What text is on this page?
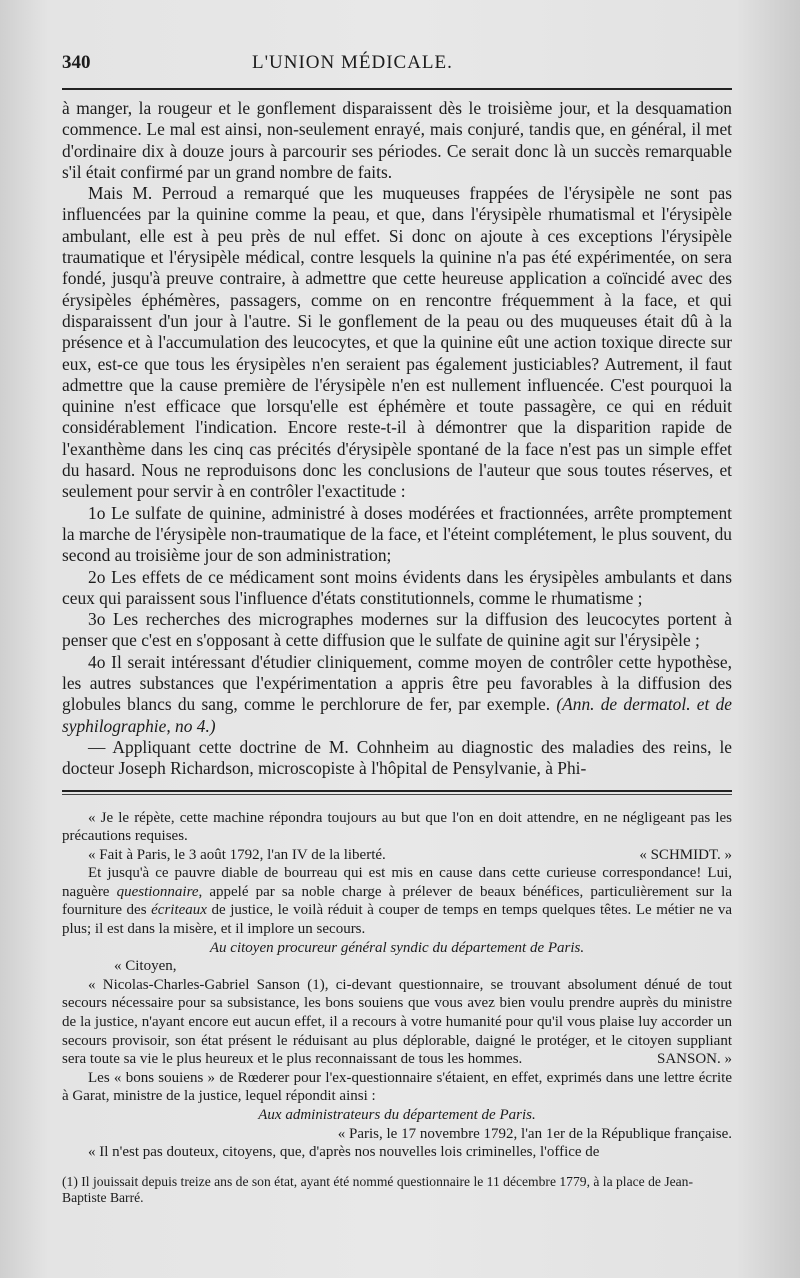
340	L'UNION MÉDICALE.

à manger, la rougeur et le gonflement disparaissent dès le troisième jour, et la desquamation commence. Le mal est ainsi, non-seulement enrayé, mais conjuré, tandis que, en général, il met d'ordinaire dix à douze jours à parcourir ses périodes. Ce serait donc là un succès remarquable s'il était confirmé par un grand nombre de faits.

Mais M. Perroud a remarqué que les muqueuses frappées de l'érysipèle ne sont pas influencées par la quinine comme la peau, et que, dans l'érysipèle rhumatismal et l'érysipèle ambulant, elle est à peu près de nul effet. Si donc on ajoute à ces exceptions l'érysipèle traumatique et l'érysipèle médical, contre lesquels la quinine n'a pas été expérimentée, on sera fondé, jusqu'à preuve contraire, à admettre que cette heureuse application a coïncidé avec des érysipèles éphémères, passagers, comme on en rencontre fréquemment à la face, et qui disparaissent d'un jour à l'autre. Si le gonflement de la peau ou des muqueuses était dû à la présence et à l'accumulation des leucocytes, et que la quinine eût une action toxique directe sur eux, est-ce que tous les érysipèles n'en seraient pas également justiciables? Autrement, il faut admettre que la cause première de l'érysipèle n'en est nullement influencée. C'est pourquoi la quinine n'est efficace que lorsqu'elle est éphémère et toute passagère, ce qui en réduit considérablement l'indication. Encore reste-t-il à démontrer que la disparition rapide de l'exanthème dans les cinq cas précités d'érysipèle spontané de la face n'est pas un simple effet du hasard. Nous ne reproduisons donc les conclusions de l'auteur que sous toutes réserves, et seulement pour servir à en contrôler l'exactitude :

1o Le sulfate de quinine, administré à doses modérées et fractionnées, arrête promptement la marche de l'érysipèle non-traumatique de la face, et l'éteint complétement, le plus souvent, du second au troisième jour de son administration;

2o Les effets de ce médicament sont moins évidents dans les érysipèles ambulants et dans ceux qui paraissent sous l'influence d'états constitutionnels, comme le rhumatisme ;

3o Les recherches des micrographes modernes sur la diffusion des leucocytes portent à penser que c'est en s'opposant à cette diffusion que le sulfate de quinine agit sur l'érysipèle ;

4o Il serait intéressant d'étudier cliniquement, comme moyen de contrôler cette hypothèse, les autres substances que l'expérimentation a appris être peu favorables à la diffusion des globules blancs du sang, comme le perchlorure de fer, par exemple. (Ann. de dermatol. et de syphilographie, no 4.)

— Appliquant cette doctrine de M. Cohnheim au diagnostic des maladies des reins, le docteur Joseph Richardson, microscopiste à l'hôpital de Pensylvanie, à Phi-

« Je le répète, cette machine répondra toujours au but que l'on en doit attendre, en ne négligeant pas les précautions requises.

« Fait à Paris, le 3 août 1792, l'an IV de la liberté.	« SCHMIDT. »

Et jusqu'à ce pauvre diable de bourreau qui est mis en cause dans cette curieuse correspondance! Lui, naguère questionnaire, appelé par sa noble charge à prélever de beaux bénéfices, particulièrement sur la fourniture des écriteaux de justice, le voilà réduit à couper de temps en temps quelques têtes. Le métier ne va plus; il est dans la misère, et il implore un secours.

Au citoyen procureur général syndic du département de Paris.

« Citoyen,

« Nicolas-Charles-Gabriel Sanson (1), ci-devant questionnaire, se trouvant absolument dénué de tout secours nécessaire pour sa subsistance, les bons souiens que vous avez bien voulu prendre auprès du ministre de la justice, n'ayant encore eut aucun effet, il a recours à votre humanité pour qu'il vous plaise luy accorder un secours provisoir, son état présent le réduisant au plus déplorable, daigné le protéger, et le citoyen suppliant sera toute sa vie le plus heureux et le plus reconnaissant de tous les hommes.	SANSON. »

Les « bons souiens » de Rœderer pour l'ex-questionnaire s'étaient, en effet, exprimés dans une lettre écrite à Garat, ministre de la justice, lequel répondit ainsi :

Aux administrateurs du département de Paris.

« Paris, le 17 novembre 1792, l'an 1er de la République française.

« Il n'est pas douteux, citoyens, que, d'après nos nouvelles lois criminelles, l'office de

(1) Il jouissait depuis treize ans de son état, ayant été nommé questionnaire le 11 décembre 1779, à la place de Jean-Baptiste Barré.
